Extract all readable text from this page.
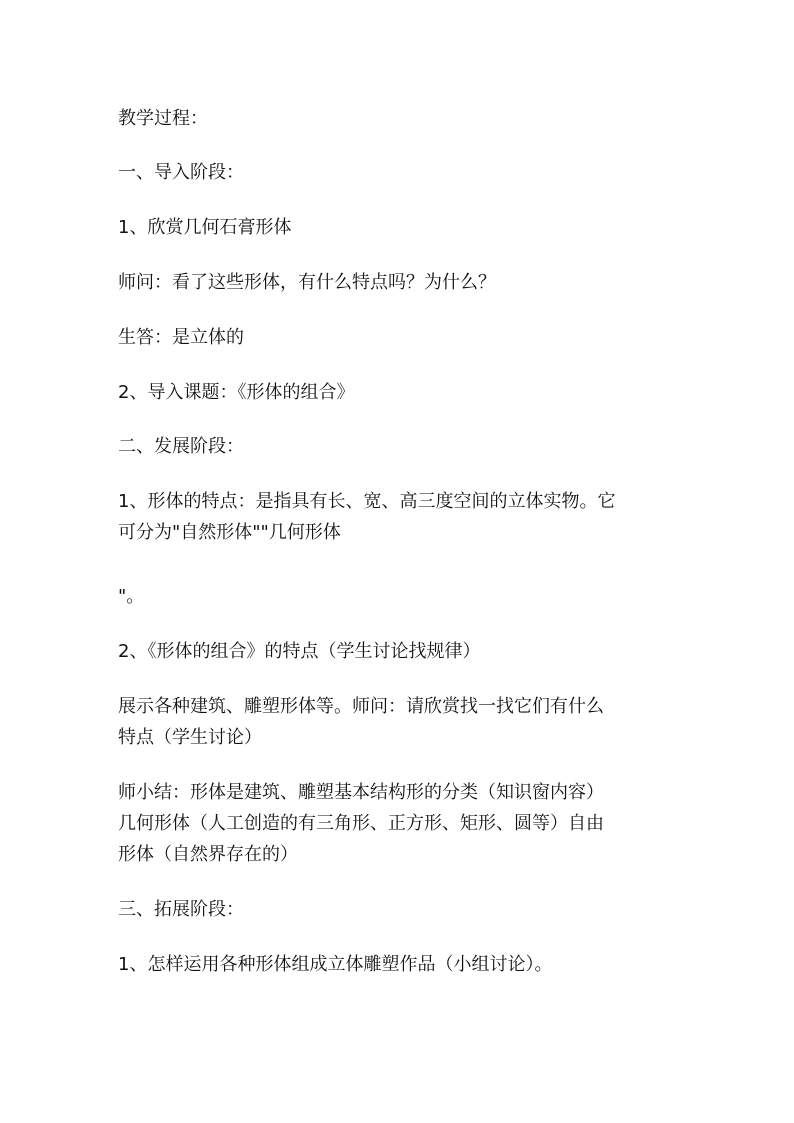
教学过程：

一、导入阶段：

1、欣赏几何石膏形体

师问：看了这些形体，有什么特点吗？为什么？

生答：是立体的

2、导入课题：《形体的组合》

二、发展阶段：

1、形体的特点：是指具有长、宽、高三度空间的立体实物。它

可分为"自然形体""几何形体

"。

2、《形体的组合》的特点（学生讨论找规律）

展示各种建筑、雕塑形体等。师问：请欣赏找一找它们有什么

特点（学生讨论）

师小结：形体是建筑、雕塑基本结构形的分类（知识窗内容）

几何形体（人工创造的有三角形、正方形、矩形、圆等）自由

形体（自然界存在的）

三、拓展阶段：

1、怎样运用各种形体组成立体雕塑作品（小组讨论）。
